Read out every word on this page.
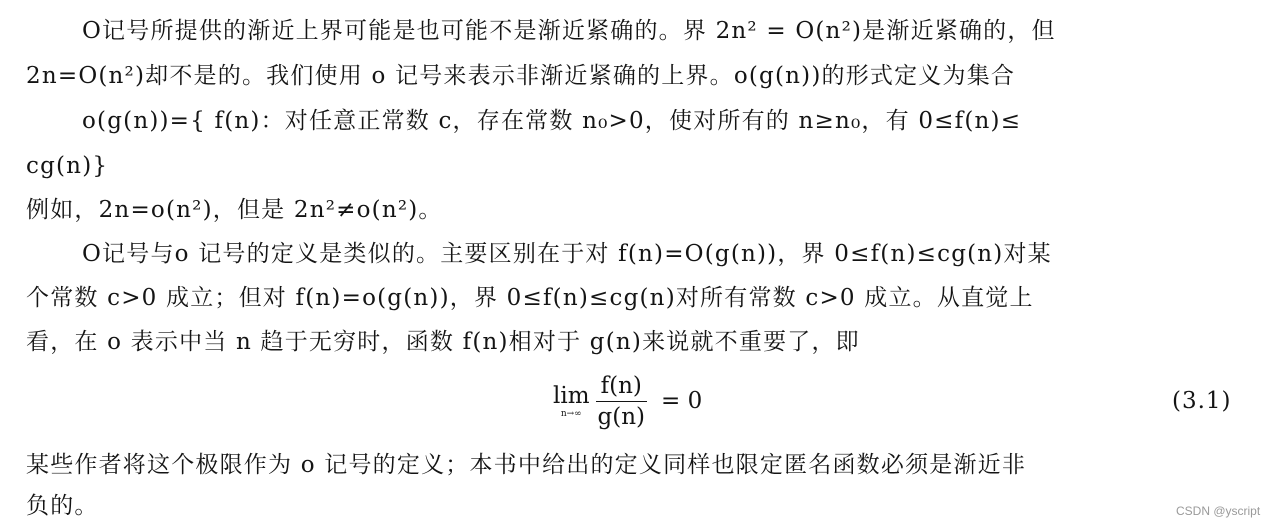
O记号所提供的渐近上界可能是也可能不是渐近紧确的。界 2n² = O(n²)是渐近紧确的，但
2n=O(n²)却不是的。我们使用 o 记号来表示非渐近紧确的上界。o(g(n))的形式定义为集合
o(g(n))={ f(n)：对任意正常数 c，存在常数 n₀>0，使对所有的 n≥n₀，有 0≤f(n)≤
cg(n)}
例如，2n=o(n²)，但是 2n²≠o(n²)。
O记号与o 记号的定义是类似的。主要区别在于对 f(n)=O(g(n))，界 0≤f(n)≤cg(n)对某
个常数 c>0 成立；但对 f(n)=o(g(n))，界 0≤f(n)≤cg(n)对所有常数 c>0 成立。从直觉上
看，在 o 表示中当 n 趋于无穷时，函数 f(n)相对于 g(n)来说就不重要了，即
lim
$n\to\infty \frac{f(n)}{g(n)} = 0$	(3.1)
某些作者将这个极限作为 o 记号的定义；本书中给出的定义同样也限定匿名函数必须是渐近非
负的。	CSDN @yscript
